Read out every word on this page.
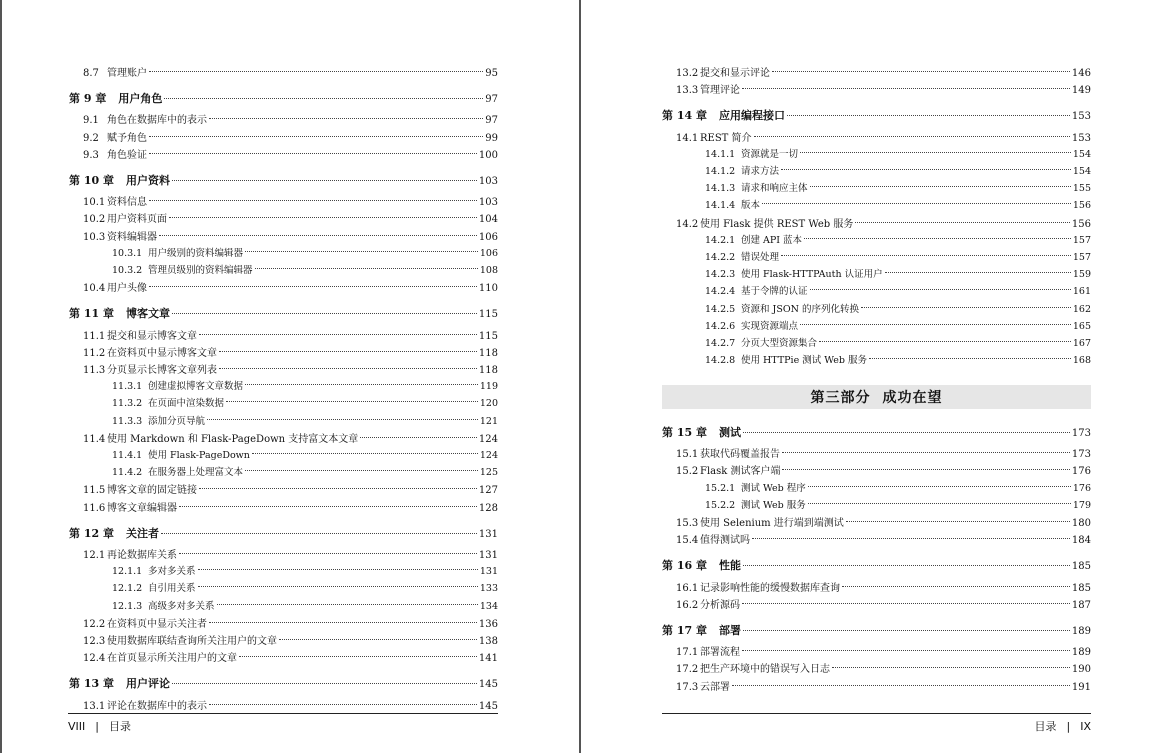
第三部分 成功在望
VIII | 目录	目录 | IX
8.7 管理账户	95
第 9 章 用户角色	97
9.1 角色在数据库中的表示	97
9.2 赋予角色	99
9.3 角色验证	100
第 10 章 用户资料	103
10.1 资料信息	103
10.2 用户资料页面	104
10.3 资料编辑器	106
10.3.1 用户级别的资料编辑器	106
10.3.2 管理员级别的资料编辑器	108
10.4 用户头像	110
第 11 章 博客文章	115
11.1 提交和显示博客文章	115
11.2 在资料页中显示博客文章	118
11.3 分页显示长博客文章列表	118
11.3.1 创建虚拟博客文章数据	119
11.3.2 在页面中渲染数据	120
11.3.3 添加分页导航	121
11.4 使用 Markdown 和 Flask-PageDown 支持富文本文章	124
11.4.1 使用 Flask-PageDown	124
11.4.2 在服务器上处理富文本	125
11.5 博客文章的固定链接	127
11.6 博客文章编辑器	128
第 12 章 关注者	131
12.1 再论数据库关系	131
12.1.1 多对多关系	131
12.1.2 自引用关系	133
12.1.3 高级多对多关系	134
12.2 在资料页中显示关注者	136
12.3 使用数据库联结查询所关注用户的文章	138
12.4 在首页显示所关注用户的文章	141
第 13 章 用户评论	145
13.1 评论在数据库中的表示	145
13.2 提交和显示评论	146
13.3 管理评论	149
第 14 章 应用编程接口	153
14.1 REST 简介	153
14.1.1 资源就是一切	154
14.1.2 请求方法	154
14.1.3 请求和响应主体	155
14.1.4 版本	156
14.2 使用 Flask 提供 REST Web 服务	156
14.2.1 创建 API 蓝本	157
14.2.2 错误处理	157
14.2.3 使用 Flask-HTTPAuth 认证用户	159
14.2.4 基于令牌的认证	161
14.2.5 资源和 JSON 的序列化转换	162
14.2.6 实现资源端点	165
14.2.7 分页大型资源集合	167
14.2.8 使用 HTTPie 测试 Web 服务	168
第 15 章 测试	173
15.1 获取代码覆盖报告	173
15.2 Flask 测试客户端	176
15.2.1 测试 Web 程序	176
15.2.2 测试 Web 服务	179
15.3 使用 Selenium 进行端到端测试	180
15.4 值得测试吗	184
第 16 章 性能	185
16.1 记录影响性能的缓慢数据库查询	185
16.2 分析源码	187
第 17 章 部署	189
17.1 部署流程	189
17.2 把生产环境中的错误写入日志	190
17.3 云部署	191
